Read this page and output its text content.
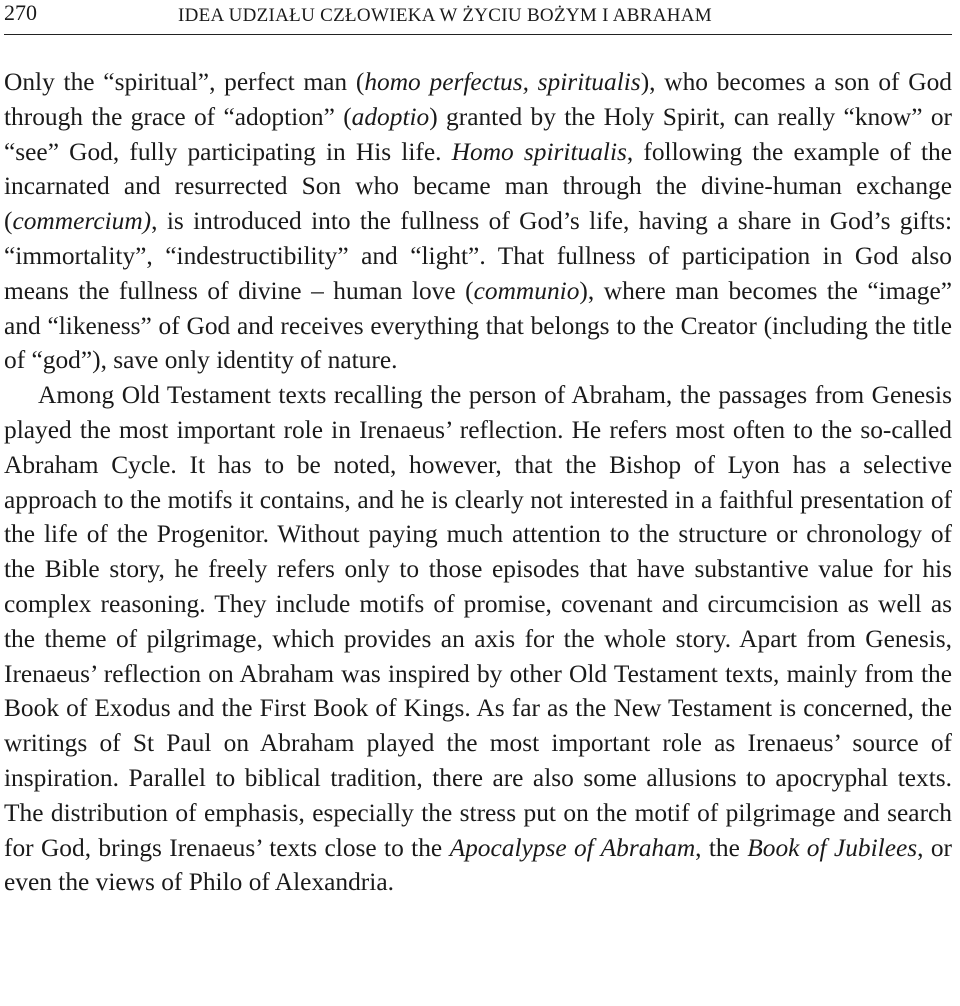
270	IDEA UDZIAŁU CZŁOWIEKA W ŻYCIU BOŻYM I ABRAHAM

Only the “spiritual”, perfect man (homo perfectus, spiritualis), who becomes a son of God through the grace of “adoption” (adoptio) granted by the Holy Spirit, can really “know” or “see” God, fully participating in His life. Homo spiritualis, following the example of the incarnated and resurrected Son who became man through the divine-human exchange (commercium), is introduced into the fullness of God’s life, having a share in God’s gifts: “immortality”, “indestructibility” and “light”. That fullness of participation in God also means the fullness of divine – human love (communio), where man becomes the “image” and “likeness” of God and receives everything that belongs to the Creator (including the title of “god”), save only identity of nature.

Among Old Testament texts recalling the person of Abraham, the passages from Genesis played the most important role in Irenaeus’ reflection. He refers most often to the so-called Abraham Cycle. It has to be noted, however, that the Bishop of Lyon has a selective approach to the motifs it contains, and he is clearly not interested in a faithful presentation of the life of the Progenitor. Without paying much attention to the structure or chronology of the Bible story, he freely refers only to those episodes that have substantive value for his complex reasoning. They include motifs of promise, covenant and circumcision as well as the theme of pilgrimage, which provides an axis for the whole story. Apart from Genesis, Irenaeus’ reflection on Abraham was inspired by other Old Testament texts, mainly from the Book of Exodus and the First Book of Kings. As far as the New Testament is concerned, the writings of St Paul on Abraham played the most important role as Irenaeus’ source of inspiration. Parallel to biblical tradition, there are also some allusions to apocryphal texts. The distribution of emphasis, especially the stress put on the motif of pilgrimage and search for God, brings Irenaeus’ texts close to the Apocalypse of Abraham, the Book of Jubilees, or even the views of Philo of Alexandria.
